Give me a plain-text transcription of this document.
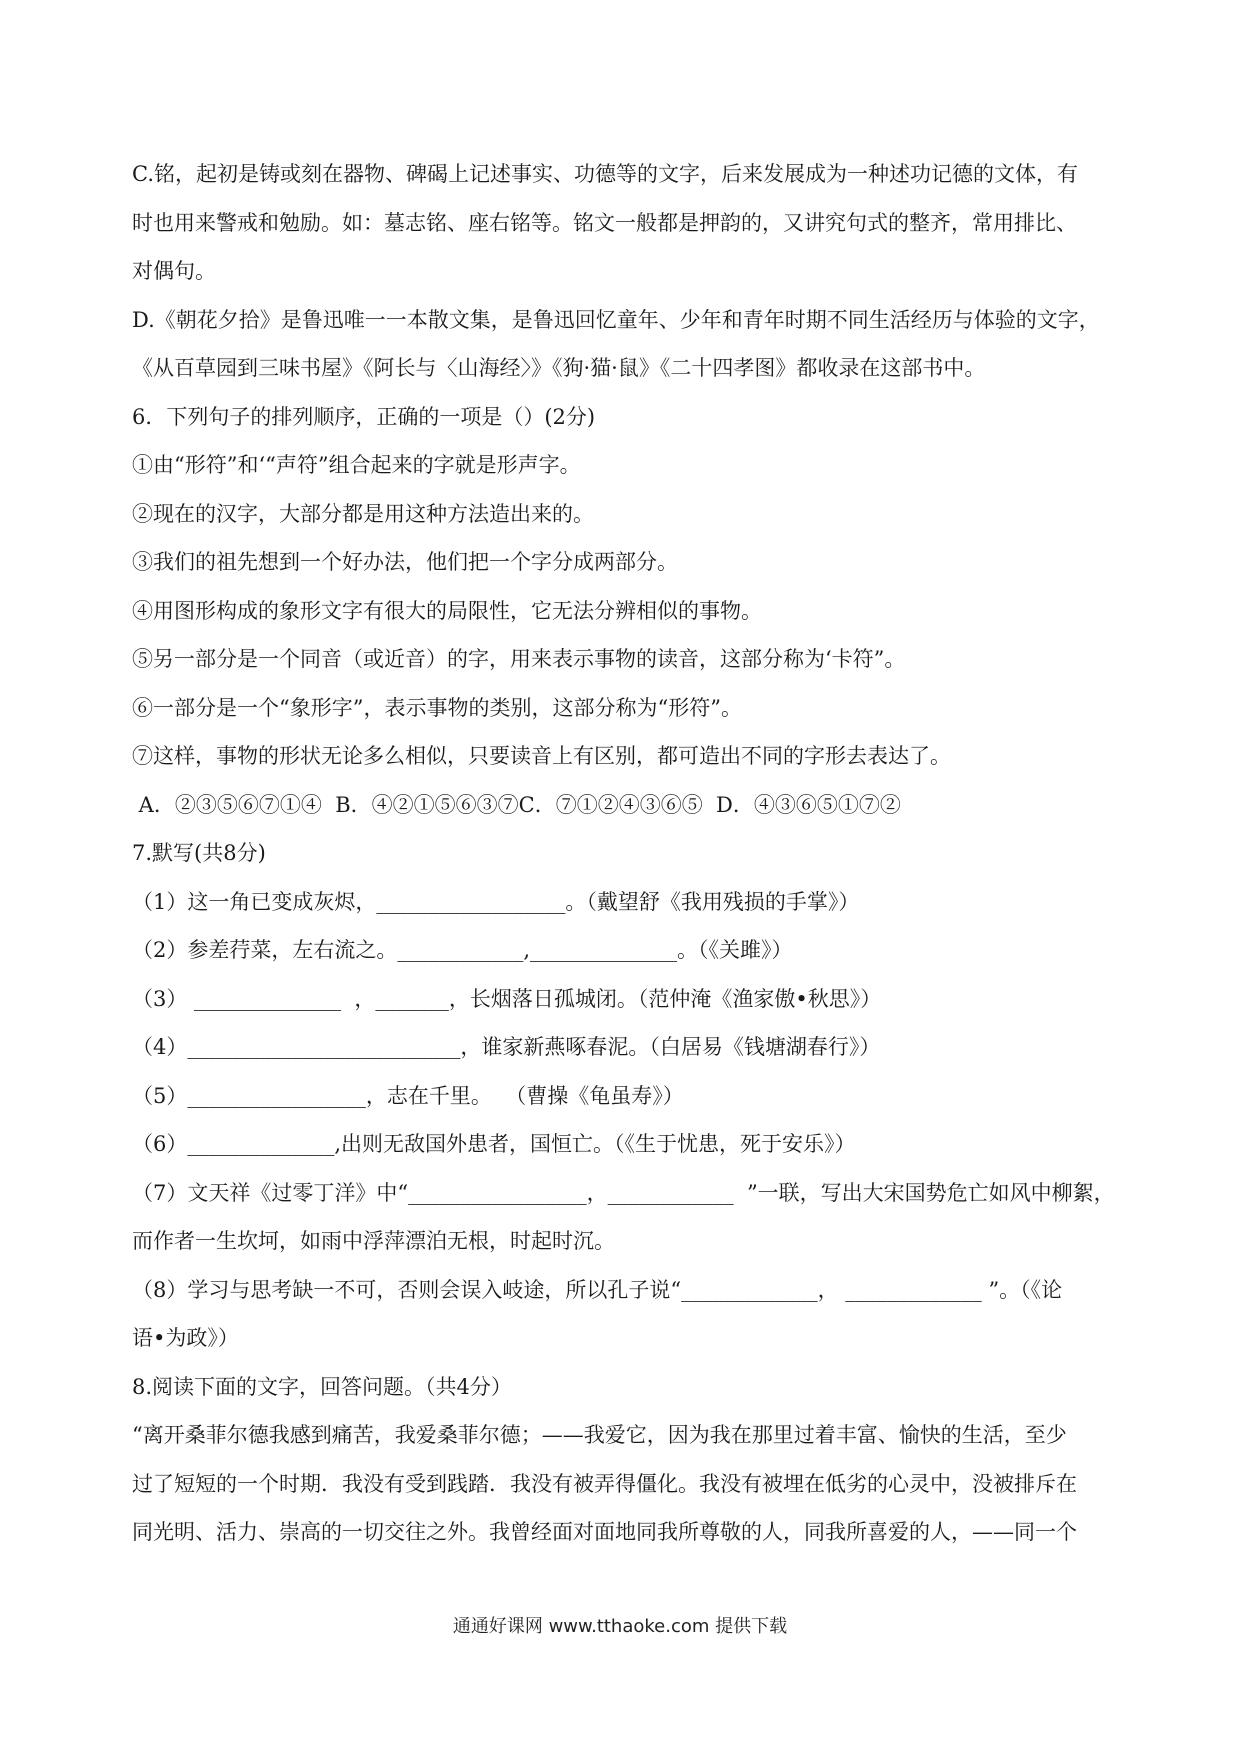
C.铭，起初是铸或刻在器物、碑碣上记述事实、功德等的文字，后来发展成为一种述功记德的文体，有

时也用来警戒和勉励。如：墓志铭、座右铭等。铭文一般都是押韵的，又讲究句式的整齐，常用排比、

对偶句。

D.《朝花夕拾》是鲁迅唯一一本散文集，是鲁迅回忆童年、少年和青年时期不同生活经历与体验的文字，

《从百草园到三味书屋》《阿长与〈山海经〉》《狗·猫·鼠》《二十四孝图》都收录在这部书中。

6．下列句子的排列顺序，正确的一项是（）(2分)

①由“形符”和‘“声符”组合起来的字就是形声字。

②现在的汉字，大部分都是用这种方法造出来的。

③我们的祖先想到一个好办法，他们把一个字分成两部分。

④用图形构成的象形文字有很大的局限性，它无法分辨相似的事物。

⑤另一部分是一个同音（或近音）的字，用来表示事物的读音，这部分称为‘卡符”。

⑥一部分是一个“象形字”，表示事物的类别，这部分称为“形符”。

⑦这样，事物的形状无论多么相似，只要读音上有区别，都可造出不同的字形去表达了。

A．②③⑤⑥⑦①④  B．④②①⑤⑥③⑦C．⑦①②④③⑥⑤  D．④③⑥⑤①⑦②

7.默写(共8分)

（1）这一角已变成灰烬，__________________。（戴望舒《我用残损的手掌》）

（2）参差荇菜，左右流之。____________,______________。（《关雎》）

（3） ______________  ，_______，长烟落日孤城闭。（范仲淹《渔家傲•秋思》）

（4）__________________________，谁家新燕啄春泥。（白居易《钱塘湖春行》）

（5）_________________，志在千里。  （曹操《龟虽寿》）

（6）______________,出则无敌国外患者，国恒亡。（《生于忧患，死于安乐》）

（7）文天祥《过零丁洋》中“_________________，____________  ”一联，写出大宋国势危亡如风中柳絮，

而作者一生坎坷，如雨中浮萍漂泊无根，时起时沉。

（8）学习与思考缺一不可，否则会误入岐途，所以孔子说“_____________， _____________ ”。（《论

语•为政》）

8.阅读下面的文字，回答问题。（共4分）

“离开桑菲尔德我感到痛苦，我爱桑菲尔德；——我爱它，因为我在那里过着丰富、愉快的生活，至少

过了短短的一个时期．我没有受到践踏．我没有被弄得僵化。我没有被埋在低劣的心灵中，没被排斥在

同光明、活力、崇高的一切交往之外。我曾经面对面地同我所尊敬的人，同我所喜爱的人，——同一个

通通好课网 www.tthaoke.com 提供下载
